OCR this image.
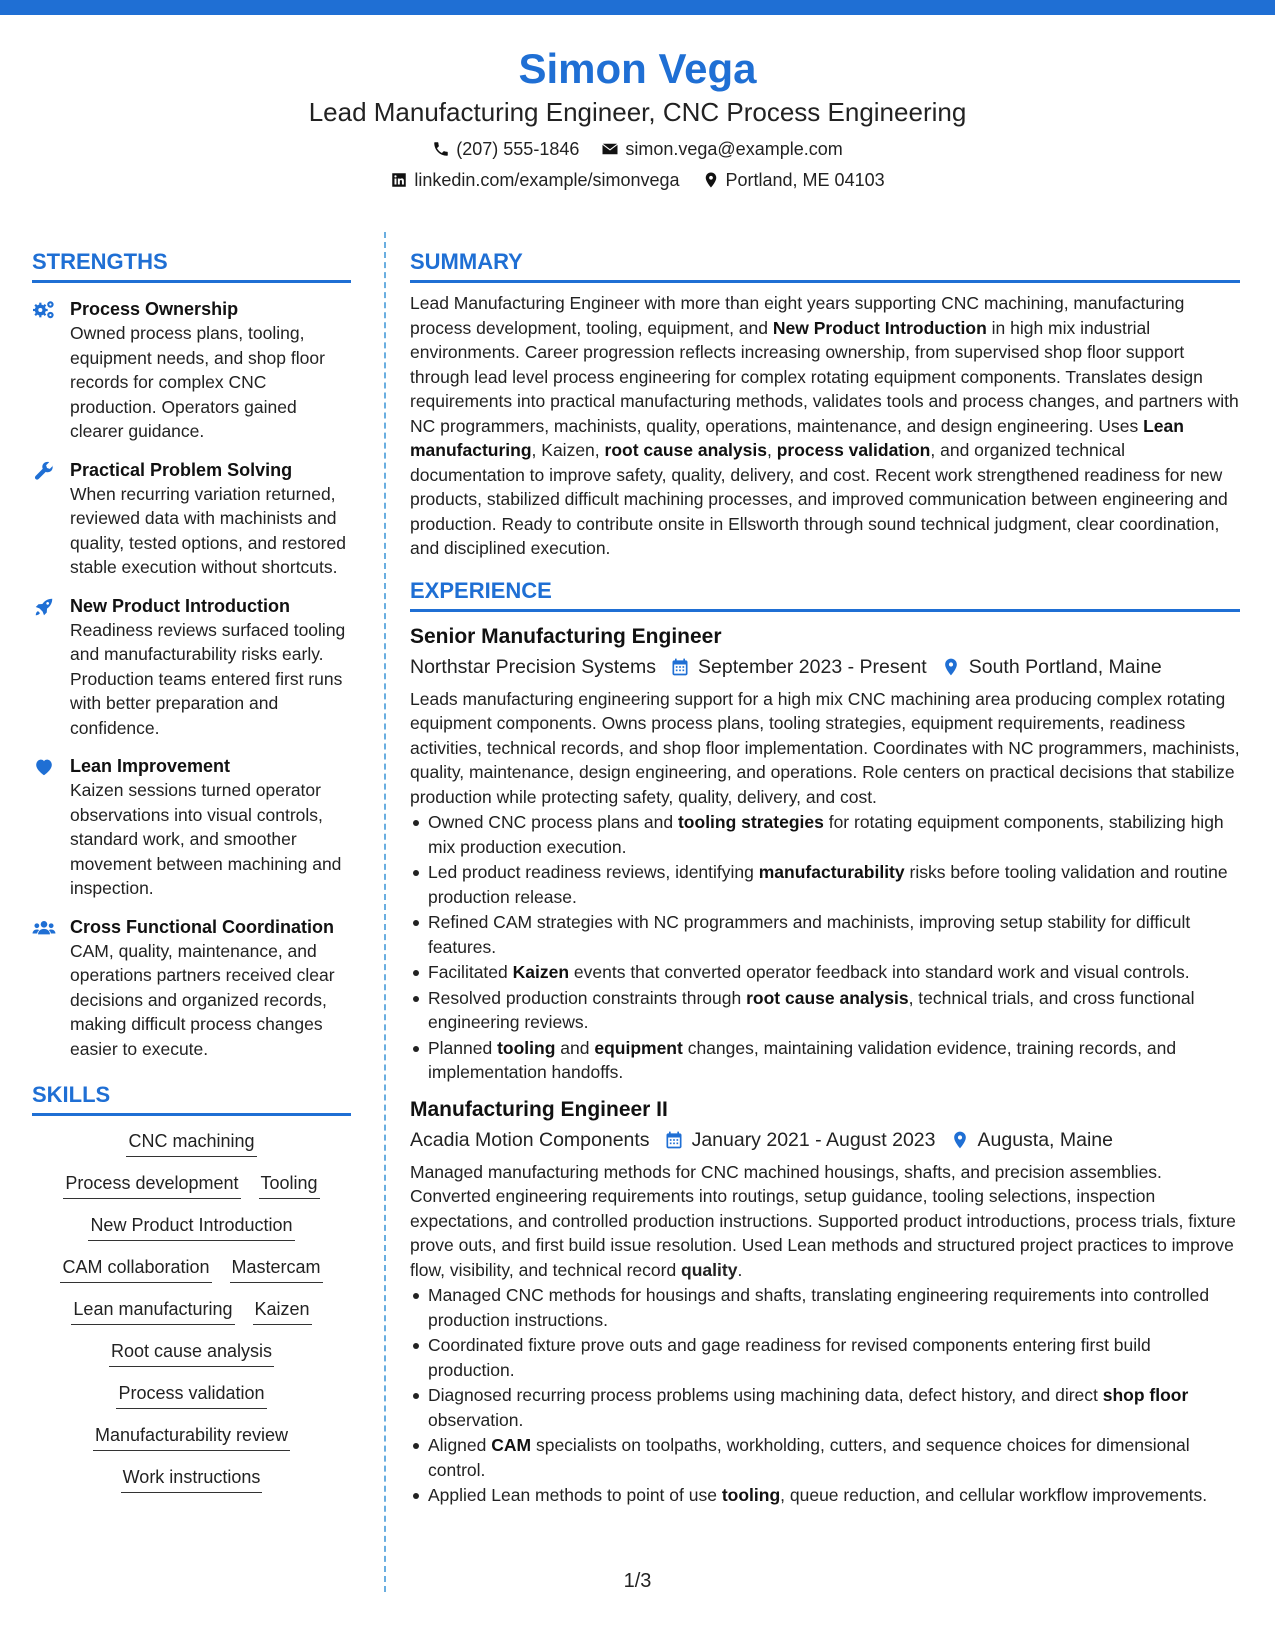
Simon Vega
Lead Manufacturing Engineer, CNC Process Engineering
(207) 555-1846	simon.vega@example.com
linkedin.com/example/simonvega	Portland, ME 04103
STRENGTHS
Process Ownership
Owned process plans, tooling, equipment needs, and shop floor records for complex CNC production. Operators gained clearer guidance.
Practical Problem Solving
When recurring variation returned, reviewed data with machinists and quality, tested options, and restored stable execution without shortcuts.
New Product Introduction
Readiness reviews surfaced tooling and manufacturability risks early. Production teams entered first runs with better preparation and confidence.
Lean Improvement
Kaizen sessions turned operator observations into visual controls, standard work, and smoother movement between machining and inspection.
Cross Functional Coordination
CAM, quality, maintenance, and operations partners received clear decisions and organized records, making difficult process changes easier to execute.
SKILLS
CNC machining
Process development Tooling
New Product Introduction
CAM collaboration Mastercam
Lean manufacturing Kaizen
Root cause analysis
Process validation
Manufacturability review
Work instructions
SUMMARY
Lead Manufacturing Engineer with more than eight years supporting CNC machining, manufacturing process development, tooling, equipment, and New Product Introduction in high mix industrial environments. Career progression reflects increasing ownership, from supervised shop floor support through lead level process engineering for complex rotating equipment components. Translates design requirements into practical manufacturing methods, validates tools and process changes, and partners with NC programmers, machinists, quality, operations, maintenance, and design engineering. Uses Lean manufacturing, Kaizen, root cause analysis, process validation, and organized technical documentation to improve safety, quality, delivery, and cost. Recent work strengthened readiness for new products, stabilized difficult machining processes, and improved communication between engineering and production. Ready to contribute onsite in Ellsworth through sound technical judgment, clear coordination, and disciplined execution.
EXPERIENCE
Senior Manufacturing Engineer
Northstar Precision Systems September 2023 - Present South Portland, Maine
Leads manufacturing engineering support for a high mix CNC machining area producing complex rotating equipment components. Owns process plans, tooling strategies, equipment requirements, readiness activities, technical records, and shop floor implementation. Coordinates with NC programmers, machinists, quality, maintenance, design engineering, and operations. Role centers on practical decisions that stabilize production while protecting safety, quality, delivery, and cost.
Owned CNC process plans and tooling strategies for rotating equipment components, stabilizing high mix production execution.
Led product readiness reviews, identifying manufacturability risks before tooling validation and routine production release.
Refined CAM strategies with NC programmers and machinists, improving setup stability for difficult features.
Facilitated Kaizen events that converted operator feedback into standard work and visual controls.
Resolved production constraints through root cause analysis, technical trials, and cross functional engineering reviews.
Planned tooling and equipment changes, maintaining validation evidence, training records, and implementation handoffs.
Manufacturing Engineer II
Acadia Motion Components January 2021 - August 2023 Augusta, Maine
Managed manufacturing methods for CNC machined housings, shafts, and precision assemblies. Converted engineering requirements into routings, setup guidance, tooling selections, inspection expectations, and controlled production instructions. Supported product introductions, process trials, fixture prove outs, and first build issue resolution. Used Lean methods and structured project practices to improve flow, visibility, and technical record quality.
Managed CNC methods for housings and shafts, translating engineering requirements into controlled production instructions.
Coordinated fixture prove outs and gage readiness for revised components entering first build production.
Diagnosed recurring process problems using machining data, defect history, and direct shop floor observation.
Aligned CAM specialists on toolpaths, workholding, cutters, and sequence choices for dimensional control.
Applied Lean methods to point of use tooling, queue reduction, and cellular workflow improvements.
1/3
